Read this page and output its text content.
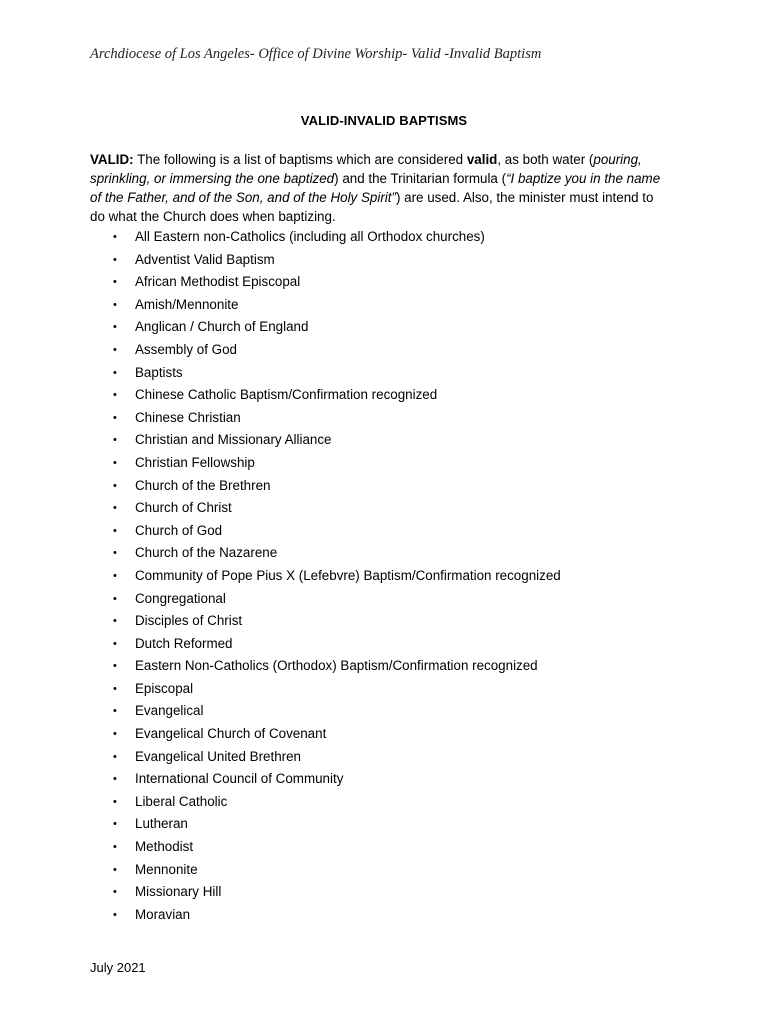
Archdiocese of Los Angeles- Office of Divine Worship- Valid -Invalid Baptism
VALID-INVALID BAPTISMS

VALID: The following is a list of baptisms which are considered valid, as both water (pouring, sprinkling, or immersing the one baptized) and the Trinitarian formula (“I baptize you in the name of the Father, and of the Son, and of the Holy Spirit”) are used. Also, the minister must intend to do what the Church does when baptizing.

• All Eastern non-Catholics (including all Orthodox churches)
• Adventist Valid Baptism
• African Methodist Episcopal
• Amish/Mennonite
• Anglican / Church of England
• Assembly of God
• Baptists
• Chinese Catholic Baptism/Confirmation recognized
• Chinese Christian
• Christian and Missionary Alliance
• Christian Fellowship
• Church of the Brethren
• Church of Christ
• Church of God
• Church of the Nazarene
• Community of Pope Pius X (Lefebvre) Baptism/Confirmation recognized
• Congregational
• Disciples of Christ
• Dutch Reformed
• Eastern Non-Catholics (Orthodox) Baptism/Confirmation recognized
• Episcopal
• Evangelical
• Evangelical Church of Covenant
• Evangelical United Brethren
• International Council of Community
• Liberal Catholic
• Lutheran
• Methodist
• Mennonite
• Missionary Hill
• Moravian
July 2021
